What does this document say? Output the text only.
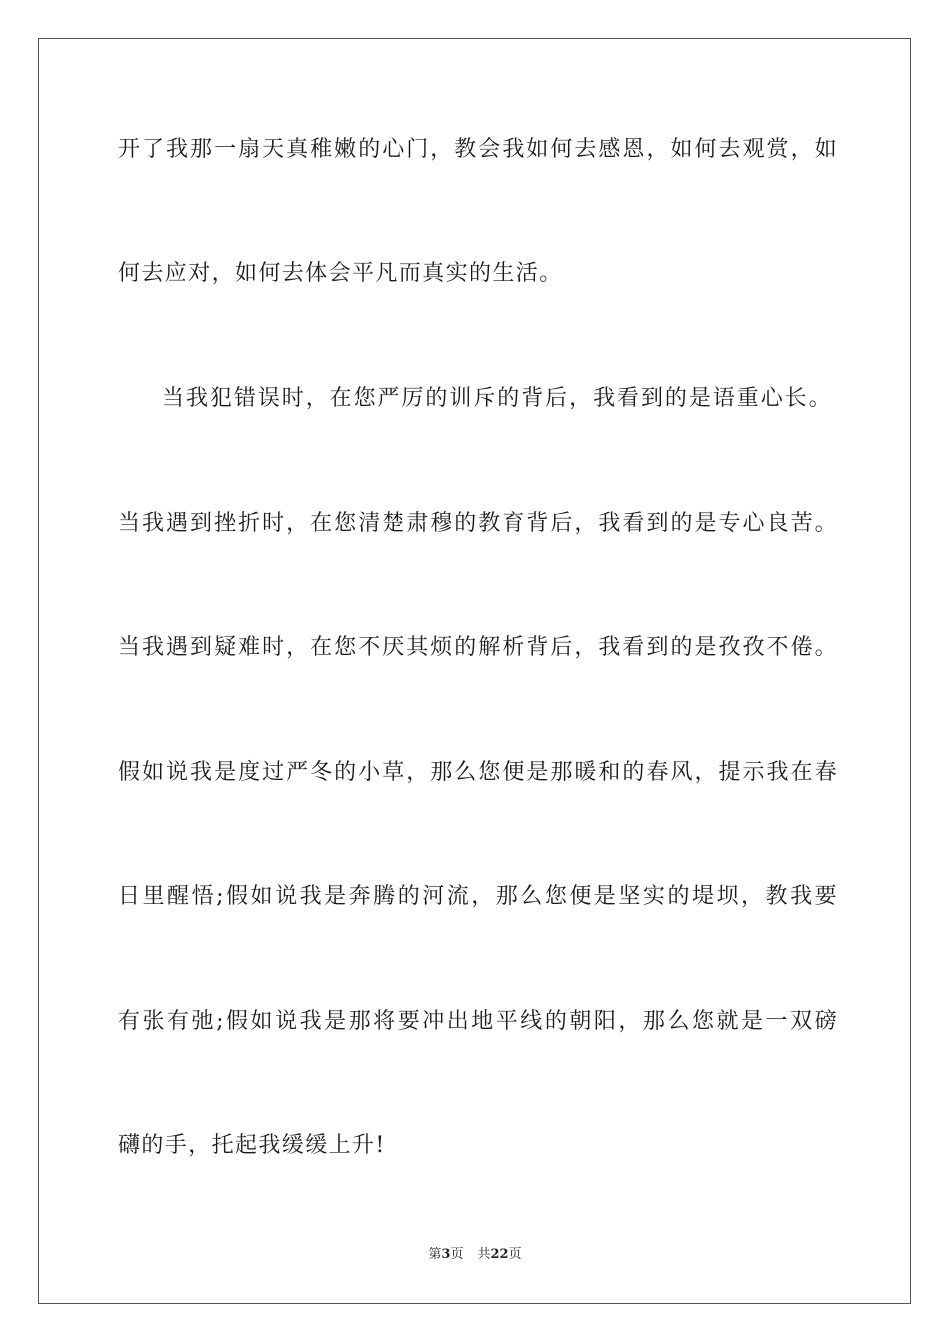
开了我那一扇天真稚嫩的心门，教会我如何去感恩，如何去观赏，如
何去应对，如何去体会平凡而真实的生活。
当我犯错误时，在您严厉的训斥的背后，我看到的是语重心长。
当我遇到挫折时，在您清楚肃穆的教育背后，我看到的是专心良苦。
当我遇到疑难时，在您不厌其烦的解析背后，我看到的是孜孜不倦。
假如说我是度过严冬的小草，那么您便是那暖和的春风，提示我在春
日里醒悟;假如说我是奔腾的河流，那么您便是坚实的堤坝，教我要
有张有弛;假如说我是那将要冲出地平线的朝阳，那么您就是一双磅
礴的手，托起我缓缓上升!
第3页 共22页
